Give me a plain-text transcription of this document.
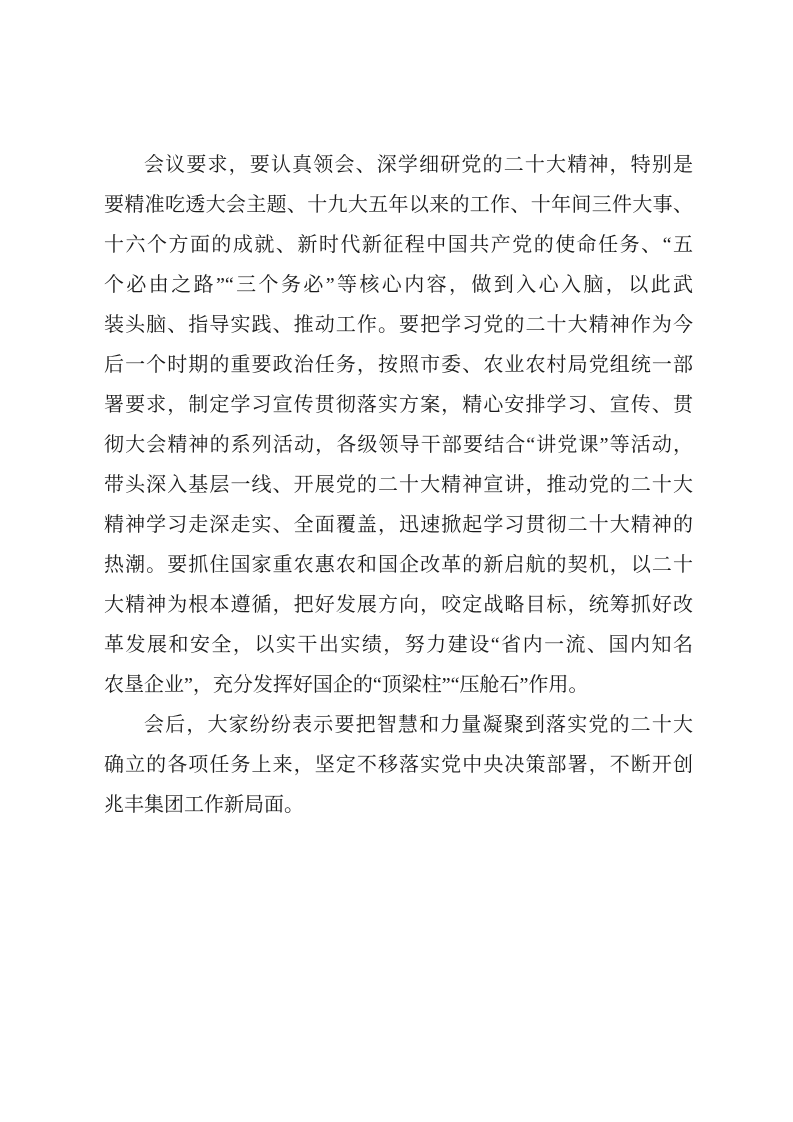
会议要求，要认真领会、深学细研党的二十大精神，特别是
要精准吃透大会主题、十九大五年以来的工作、十年间三件大事、
十六个方面的成就、新时代新征程中国共产党的使命任务、“五
个必由之路”“三个务必”等核心内容，做到入心入脑，以此武
装头脑、指导实践、推动工作。要把学习党的二十大精神作为今
后一个时期的重要政治任务，按照市委、农业农村局党组统一部
署要求，制定学习宣传贯彻落实方案，精心安排学习、宣传、贯
彻大会精神的系列活动，各级领导干部要结合“讲党课”等活动，
带头深入基层一线、开展党的二十大精神宣讲，推动党的二十大
精神学习走深走实、全面覆盖，迅速掀起学习贯彻二十大精神的
热潮。要抓住国家重农惠农和国企改革的新启航的契机，以二十
大精神为根本遵循，把好发展方向，咬定战略目标，统筹抓好改
革发展和安全，以实干出实绩，努力建设“省内一流、国内知名
农垦企业”，充分发挥好国企的“顶梁柱”“压舱石”作用。
会后，大家纷纷表示要把智慧和力量凝聚到落实党的二十大
确立的各项任务上来，坚定不移落实党中央决策部署，不断开创
兆丰集团工作新局面。
